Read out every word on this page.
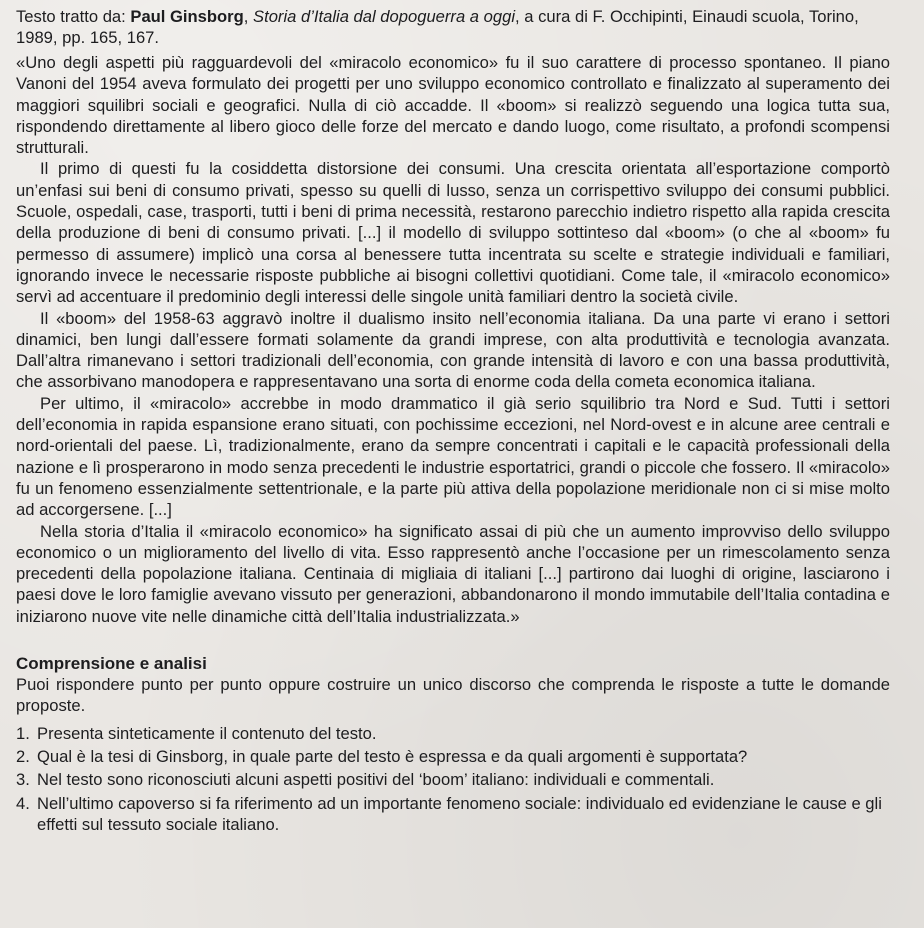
Testo tratto da: Paul Ginsborg, Storia d’Italia dal dopoguerra a oggi, a cura di F. Occhipinti, Einaudi scuola, Torino, 1989, pp. 165, 167.

«Uno degli aspetti più ragguardevoli del «miracolo economico» fu il suo carattere di processo spontaneo. Il piano Vanoni del 1954 aveva formulato dei progetti per uno sviluppo economico controllato e finalizzato al superamento dei maggiori squilibri sociali e geografici. Nulla di ciò accadde. Il «boom» si realizzò seguendo una logica tutta sua, rispondendo direttamente al libero gioco delle forze del mercato e dando luogo, come risultato, a profondi scompensi strutturali.

Il primo di questi fu la cosiddetta distorsione dei consumi. Una crescita orientata all’esportazione comportò un’enfasi sui beni di consumo privati, spesso su quelli di lusso, senza un corrispettivo sviluppo dei consumi pubblici. Scuole, ospedali, case, trasporti, tutti i beni di prima necessità, restarono parecchio indietro rispetto alla rapida crescita della produzione di beni di consumo privati. [...] il modello di sviluppo sottinteso dal «boom» (o che al «boom» fu permesso di assumere) implicò una corsa al benessere tutta incentrata su scelte e strategie individuali e familiari, ignorando invece le necessarie risposte pubbliche ai bisogni collettivi quotidiani. Come tale, il «miracolo economico» servì ad accentuare il predominio degli interessi delle singole unità familiari dentro la società civile.

Il «boom» del 1958-63 aggravò inoltre il dualismo insito nell’economia italiana. Da una parte vi erano i settori dinamici, ben lungi dall’essere formati solamente da grandi imprese, con alta produttività e tecnologia avanzata. Dall’altra rimanevano i settori tradizionali dell’economia, con grande intensità di lavoro e con una bassa produttività, che assorbivano manodopera e rappresentavano una sorta di enorme coda della cometa economica italiana.

Per ultimo, il «miracolo» accrebbe in modo drammatico il già serio squilibrio tra Nord e Sud. Tutti i settori dell’economia in rapida espansione erano situati, con pochissime eccezioni, nel Nord-ovest e in alcune aree centrali e nord-orientali del paese. Lì, tradizionalmente, erano da sempre concentrati i capitali e le capacità professionali della nazione e lì prosperarono in modo senza precedenti le industrie esportatrici, grandi o piccole che fossero. Il «miracolo» fu un fenomeno essenzialmente settentrionale, e la parte più attiva della popolazione meridionale non ci si mise molto ad accorgersene. [...]

Nella storia d’Italia il «miracolo economico» ha significato assai di più che un aumento improvviso dello sviluppo economico o un miglioramento del livello di vita. Esso rappresentò anche l’occasione per un rimescolamento senza precedenti della popolazione italiana. Centinaia di migliaia di italiani [...] partirono dai luoghi di origine, lasciarono i paesi dove le loro famiglie avevano vissuto per generazioni, abbandonarono il mondo immutabile dell’Italia contadina e iniziarono nuove vite nelle dinamiche città dell’Italia industrializzata.»

Comprensione e analisi

Puoi rispondere punto per punto oppure costruire un unico discorso che comprenda le risposte a tutte le domande proposte.

1. Presenta sinteticamente il contenuto del testo.
2. Qual è la tesi di Ginsborg, in quale parte del testo è espressa e da quali argomenti è supportata?
3. Nel testo sono riconosciuti alcuni aspetti positivi del ‘boom’ italiano: individuali e commentali.
4. Nell’ultimo capoverso si fa riferimento ad un importante fenomeno sociale: individualo ed evidenziane le cause e gli effetti sul tessuto sociale italiano.
